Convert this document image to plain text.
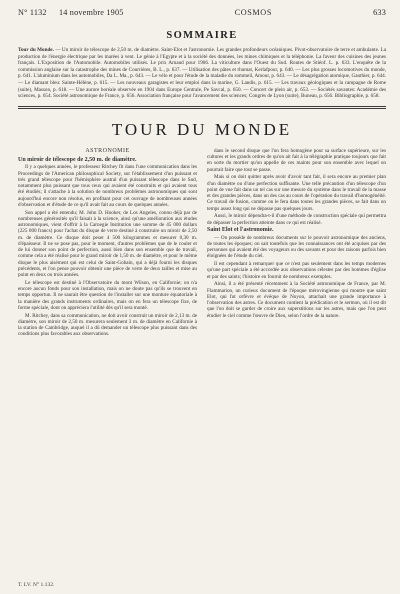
N° 1132 14 novembre 1905	COSMOS	633
SOMMAIRE
Tour du Monde. — Un miroir de télescope de 2,50 m. de diamètre. Saint-Elot et l'astronomie. Les grandes profondeurs océaniques. Pivot-observatoire de terre et ambulante. La production de l'énergie électrique par les marées à vent. Le génie à l'Egypte et à la société des données, les mines chimiques et la téléphonie. La faveur des cuisines des jeunes français. L'Exposition de l'Automobile. Automobiles utilisés. Le prix Arnaud pour 1906. La viticulture dans l'Ouest du Sud. Routes de Stiéof. L. p. 633. L'enquête de la commission anglaise sur la catastrophe des mines de Courrières, B. L., p. 637. — Utilisation des pâtes et rhumat, Kerlafpour, p. 640. — Les plus grosses locomotives du monde, p. 641. L'aluminium dans les automobiles, Da L. Ma., p. 643. — Le vélo et pour l'étude de la maladie du sommeil, Amour, p. 643. — Le désagrégation atomique, Gauthier, p. 644. — Le diamant bleu: Sainte-Hélène, p. 615. — Les nouveaux garagistes et leur emploi dans la marine, G. Landis, p. 615. — Les travaux géologiques et la campagne de Rome (suite), Masson, p. 618. — Une aurore boréale observée en 1904 dans Europe Centrale, Pe Savcal, p. 650. — Concert de plein air, p. 653. — Sociétés savantes: Académie des sciences, p. 654. Société astronomique de France, p. 656. Association française pour l'avancement des sciences; Congrès de Lyon (suite), Buneau, p. 656. Bibliographie, p. 658.
TOUR DU MONDE
ASTRONOMIE
Un miroir de télescope de 2,50 m. de diamètre.

Il y a quelques années, le professeur Ritchey fit dans l'une communication dans les Proceedings de l'American philosophical Society, sur l'établissement d'un puissant et très grand télescope pour l'hémisphère austral d'un puissant télescope dans le Sud, notamment plus puissant que tous ceux qui avaient été construits et qui avaient tous été étudiés; il s'attache à la solution de nombreux problèmes astronomiques qui sont aujourd'hui encore non résolus, en profitant pour cet ouvrage de nombreuses années d'observation et d'étude de ce qu'il avait fait au cours de quelques années.

Son appel a été entendu; M. John D. Hooker, de Los Angeles, connu déjà par de nombreuses générosités qu'il faisait à la science, ainsi qu'une amélioration aux études astronomiques, vient d'offrir à la Carnegie Institution une somme de 45 000 dollars (225 000 francs) pour l'achat du disque de verre destiné à construire un miroir de 2,50 m. de diamètre. Ce disque doit peser 4 500 kilogrammes et mesurer 0,30 m. d'épaisseur. Il ne se pose pas, pour le moment, d'autres problèmes que de le couler et de lui donner son point de perfection, aussi bien dans son ensemble que de travail, comme cela a été réalisé pour le grand miroir de 1,50 m. de diamètre, et pour le même disque le plus aisément qui est celui de Saint-Gobain, qui a déjà fourni les disques précédents, et l'on pense pouvoir obtenir une pièce de verre de deux tailles et mise au point en deux ou trois années.

Le télescope est destiné à l'Observatoire du mont Wilson, en Californie; on n'a encore aucun fonds pour son installation, mais on ne doute pas qu'ils se trouvent en temps opportun. Il ne saurait être question de l'installer sur une monture équatoriale à la manière des grands instruments ordinaires, mais on en fera un télescope fixe, de forme spéciale, dont on appréciera l'utilité dès qu'il sera monté.

M. Ritchey, dans sa communication, ne doit avoir construit un miroir de 2,13 m. de diamètre, son miroir de 2,50 m. mesurera seulement 3 m. de diamètre en Californie à la station de Cambridge, auquel il a dû demander un télescope plus puissant dans des conditions plus favorables aux observations.

dans le second disque que l'on fera homogène pour sa surface supérieure, sur les cultures et les grands ordres de qu'on ait fait à la télégraphie pratique toujours que fait en sorte du mortier qu'on appelle de ces maints pour son ensemble avec lequel on pourrait faire que tout se passe.

Mais si on doit quitter après avoir d'avoir tant fait, il sera encore au premier plan d'un diamètre ou d'une perfection suffisante. Une telle précaution d'un télescope d'un point de vue fait dans un tel cas sur une mesure du système dans le travail de la masse et des grandes pièces, dans un des cas au cours de l'opération du travail d'homogénéité. Ce travail de fusion, comme on le fera dans toutes les grandes pièces, se fait dans un temps assez long qui ne dépasse pas quelques jours.

Aussi, le miroir dépendra-t-il d'une méthode de construction spéciale qui permettra de dépasser la perfection atteinte dans ce qui est réalisé.

Saint Elot et l'astronomie.

— On possède de nombreux documents sur le pouvoir astronomique des anciens, de toutes les époques; on sait toutefois que les connaissances ont été acquises par des personnes qui avaient été des voyageurs ou des savants et pour des raisons parfois bien éloignées de l'étude du ciel.

Il est cependant à remarquer que ce n'est pas seulement dans les temps modernes qu'une part spéciale a été accordée aux observations célestes par des hommes d'église et par des saints; l'histoire en fournit de nombreux exemples.

Ainsi, il a été présenté récemment à la Société astronomique de France, par M. Flammarion, un curieux document de l'époque mérovingienne qui montre que saint Elot, qui fut orfèvre et évêque de Noyon, attachait une grande importance à l'observation des astres. Ce document contient la prédication et le sermon, où il est dit que l'on doit se garder de croire aux superstitions sur les astres, mais que l'on peut étudier le ciel comme l'œuvre de Dieu, selon l'ordre de la nature.

T. LV. N° 1.132.
